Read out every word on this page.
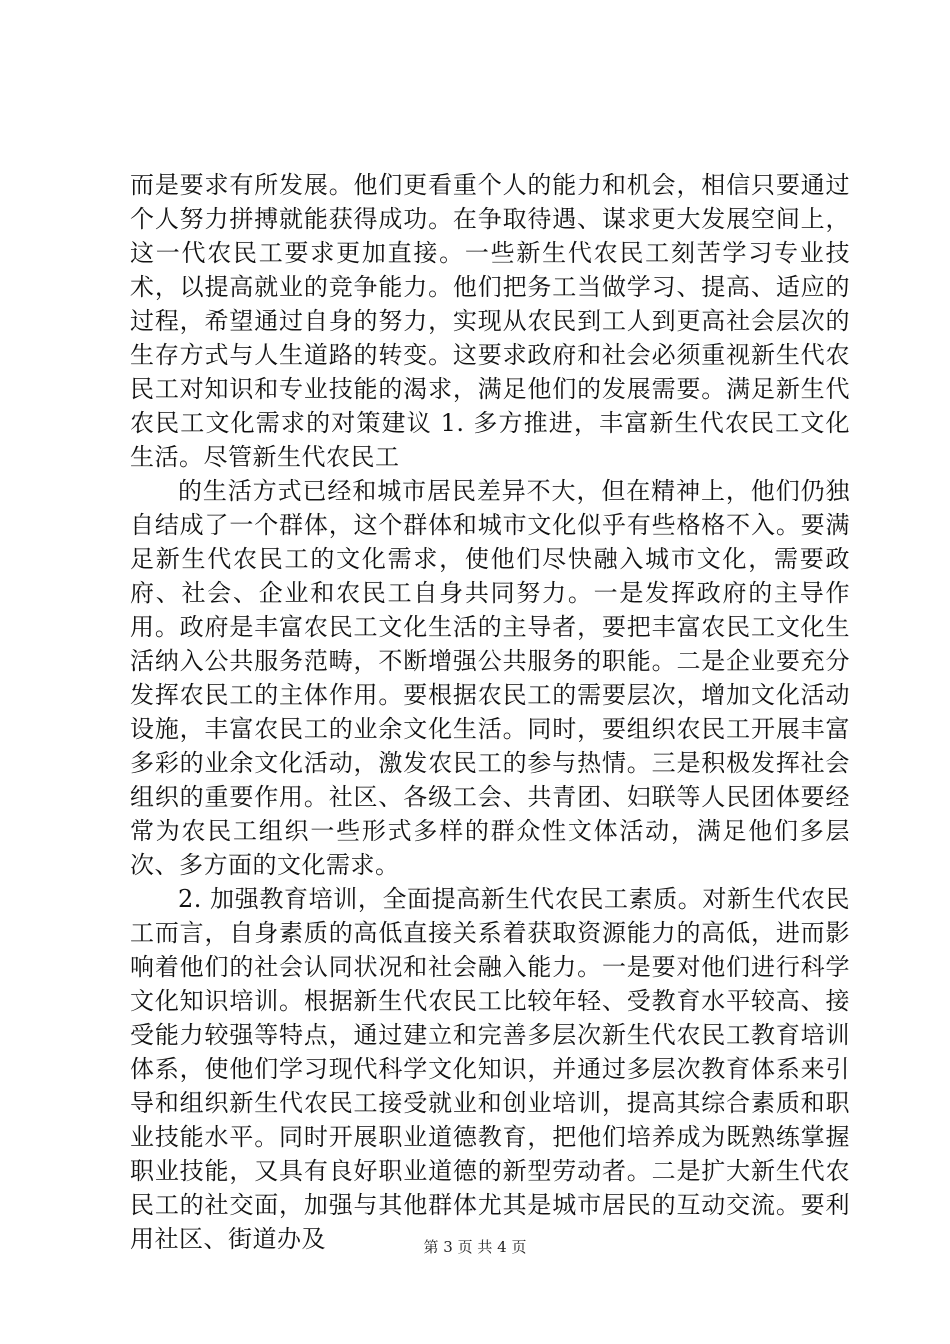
而是要求有所发展。他们更看重个人的能力和机会，相信只要通过个人努力拼搏就能获得成功。在争取待遇、谋求更大发展空间上，这一代农民工要求更加直接。一些新生代农民工刻苦学习专业技术，以提高就业的竞争能力。他们把务工当做学习、提高、适应的过程，希望通过自身的努力，实现从农民到工人到更高社会层次的生存方式与人生道路的转变。这要求政府和社会必须重视新生代农民工对知识和专业技能的渴求，满足他们的发展需要。满足新生代农民工文化需求的对策建议 1. 多方推进，丰富新生代农民工文化生活。尽管新生代农民工

的生活方式已经和城市居民差异不大，但在精神上，他们仍独自结成了一个群体，这个群体和城市文化似乎有些格格不入。要满足新生代农民工的文化需求，使他们尽快融入城市文化，需要政府、社会、企业和农民工自身共同努力。一是发挥政府的主导作用。政府是丰富农民工文化生活的主导者，要把丰富农民工文化生活纳入公共服务范畴，不断增强公共服务的职能。二是企业要充分发挥农民工的主体作用。要根据农民工的需要层次，增加文化活动设施，丰富农民工的业余文化生活。同时，要组织农民工开展丰富多彩的业余文化活动，激发农民工的参与热情。三是积极发挥社会组织的重要作用。社区、各级工会、共青团、妇联等人民团体要经常为农民工组织一些形式多样的群众性文体活动，满足他们多层次、多方面的文化需求。

2. 加强教育培训，全面提高新生代农民工素质。对新生代农民工而言，自身素质的高低直接关系着获取资源能力的高低，进而影响着他们的社会认同状况和社会融入能力。一是要对他们进行科学文化知识培训。根据新生代农民工比较年轻、受教育水平较高、接受能力较强等特点，通过建立和完善多层次新生代农民工教育培训体系，使他们学习现代科学文化知识，并通过多层次教育体系来引导和组织新生代农民工接受就业和创业培训，提高其综合素质和职业技能水平。同时开展职业道德教育，把他们培养成为既熟练掌握职业技能，又具有良好职业道德的新型劳动者。二是扩大新生代农民工的社交面，加强与其他群体尤其是城市居民的互动交流。要利用社区、街道办及	第 3 页 共 4 页
